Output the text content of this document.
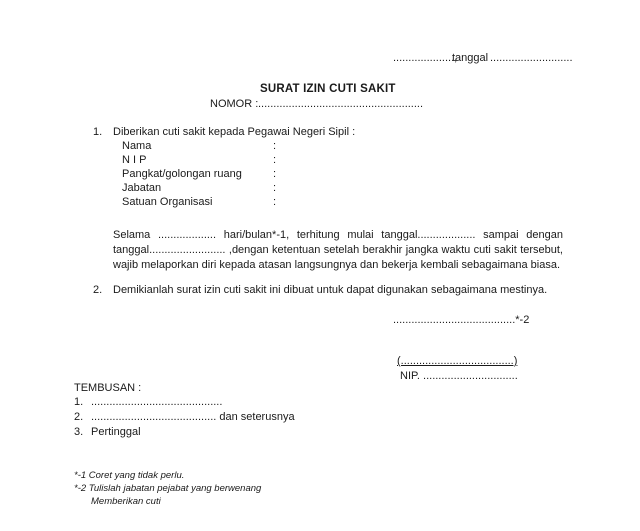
....................,
tanggal ...........................
SURAT IZIN CUTI SAKIT
NOMOR : ......................................................
1. Diberikan cuti sakit kepada Pegawai Negeri Sipil :
Nama	:
N I P	:
Pangkat/golongan ruang	:
Jabatan	:
Satuan Organisasi	:
Selama ................... hari/bulan*-1, terhitung mulai tanggal................... sampai dengan
tanggal......................... ,dengan ketentuan setelah berakhir jangka waktu cuti sakit tersebut,
wajib melaporkan diri kepada atasan langsungnya dan bekerja kembali sebagaimana biasa.
2. Demikianlah surat izin cuti sakit ini dibuat untuk dapat digunakan sebagaimana mestinya.
........................................*-2
(.....................................)
NIP. ...............................
TEMBUSAN :
1. ...........................................
2. ......................................... dan seterusnya
3. Pertinggal
*-1 Coret yang tidak perlu.
*-2 Tulislah jabatan pejabat yang berwenang
Memberikan cuti
